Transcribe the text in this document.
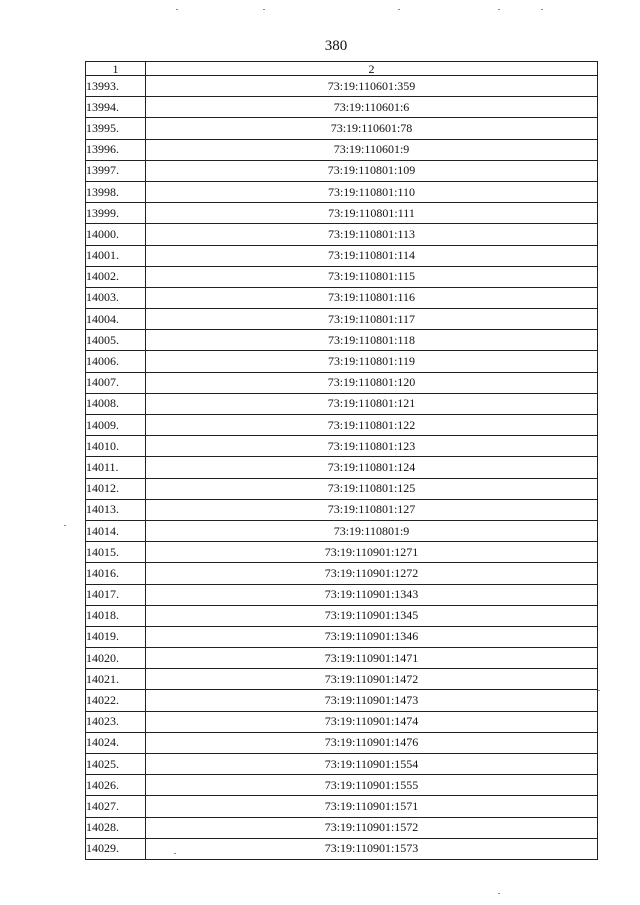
380
1	2
13993.	73:19:110601:359
13994.	73:19:110601:6
13995.	73:19:110601:78
13996.	73:19:110601:9
13997.	73:19:110801:109
13998.	73:19:110801:110
13999.	73:19:110801:111
14000.	73:19:110801:113
14001.	73:19:110801:114
14002.	73:19:110801:115
14003.	73:19:110801:116
14004.	73:19:110801:117
14005.	73:19:110801:118
14006.	73:19:110801:119
14007.	73:19:110801:120
14008.	73:19:110801:121
14009.	73:19:110801:122
14010.	73:19:110801:123
14011.	73:19:110801:124
14012.	73:19:110801:125
14013.	73:19:110801:127
14014.	73:19:110801:9
14015.	73:19:110901:1271
14016.	73:19:110901:1272
14017.	73:19:110901:1343
14018.	73:19:110901:1345
14019.	73:19:110901:1346
14020.	73:19:110901:1471
14021.	73:19:110901:1472
14022.	73:19:110901:1473
14023.	73:19:110901:1474
14024.	73:19:110901:1476
14025.	73:19:110901:1554
14026.	73:19:110901:1555
14027.	73:19:110901:1571
14028.	73:19:110901:1572
14029.	73:19:110901:1573
